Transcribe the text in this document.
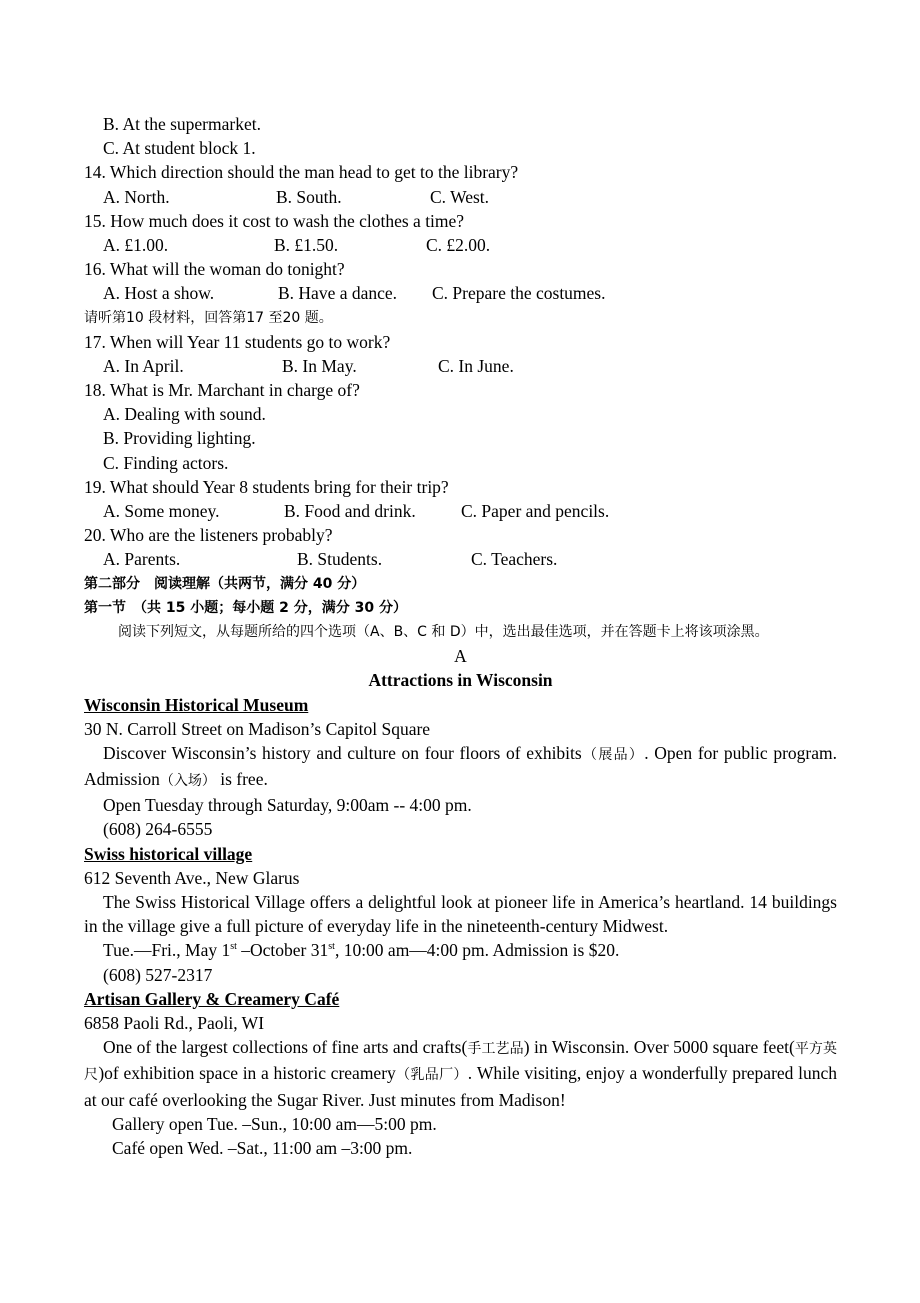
B. At the supermarket.
C. At student block 1.
14. Which direction should the man head to get to the library?
A. North.	B. South.	C. West.
15. How much does it cost to wash the clothes a time?
A. £1.00.	B. £1.50.	C. £2.00.
16. What will the woman do tonight?
A. Host a show.	B. Have a dance. C. Prepare the costumes.
请听第10 段材料，回答第17 至20 题。
17. When will Year 11 students go to work?
A. In April.	B. In May.	C. In June.
18. What is Mr. Marchant in charge of?
A. Dealing with sound.
B. Providing lighting.
C. Finding actors.
19. What should Year 8 students bring for their trip?
A. Some money.	B. Food and drink.	C. Paper and pencils.
20. Who are the listeners probably?
A. Parents.	B. Students.	C. Teachers.
第二部分　阅读理解（共两节，满分 40 分）
第一节　（共 15 小题；每小题 2 分，满分 30 分）
阅读下列短文，从每题所给的四个选项（A、B、C 和 D）中，选出最佳选项，并在答题卡上将该项涂黑。
A
Attractions in Wisconsin
Wisconsin Historical Museum
30 N. Carroll Street on Madison’s Capitol Square
Discover Wisconsin’s history and culture on four floors of exhibits（展品）. Open for public program. Admission（入场） is free.
Open Tuesday through Saturday, 9:00am -- 4:00 pm.
(608) 264-6555
Swiss historical village
612 Seventh Ave., New Glarus
The Swiss Historical Village offers a delightful look at pioneer life in America’s heartland. 14 buildings in the village give a full picture of everyday life in the nineteenth-century Midwest.
Tue.—Fri., May 1st –October 31st, 10:00 am—4:00 pm. Admission is $20.
(608) 527-2317
Artisan Gallery & Creamery Café
6858 Paoli Rd., Paoli, WI
One of the largest collections of fine arts and crafts(手工艺品) in Wisconsin. Over 5000 square feet(平方英尺)of exhibition space in a historic creamery（乳品厂）. While visiting, enjoy a wonderfully prepared lunch at our café overlooking the Sugar River. Just minutes from Madison!
Gallery open Tue. –Sun., 10:00 am—5:00 pm.
Café open Wed. –Sat., 11:00 am –3:00 pm.
